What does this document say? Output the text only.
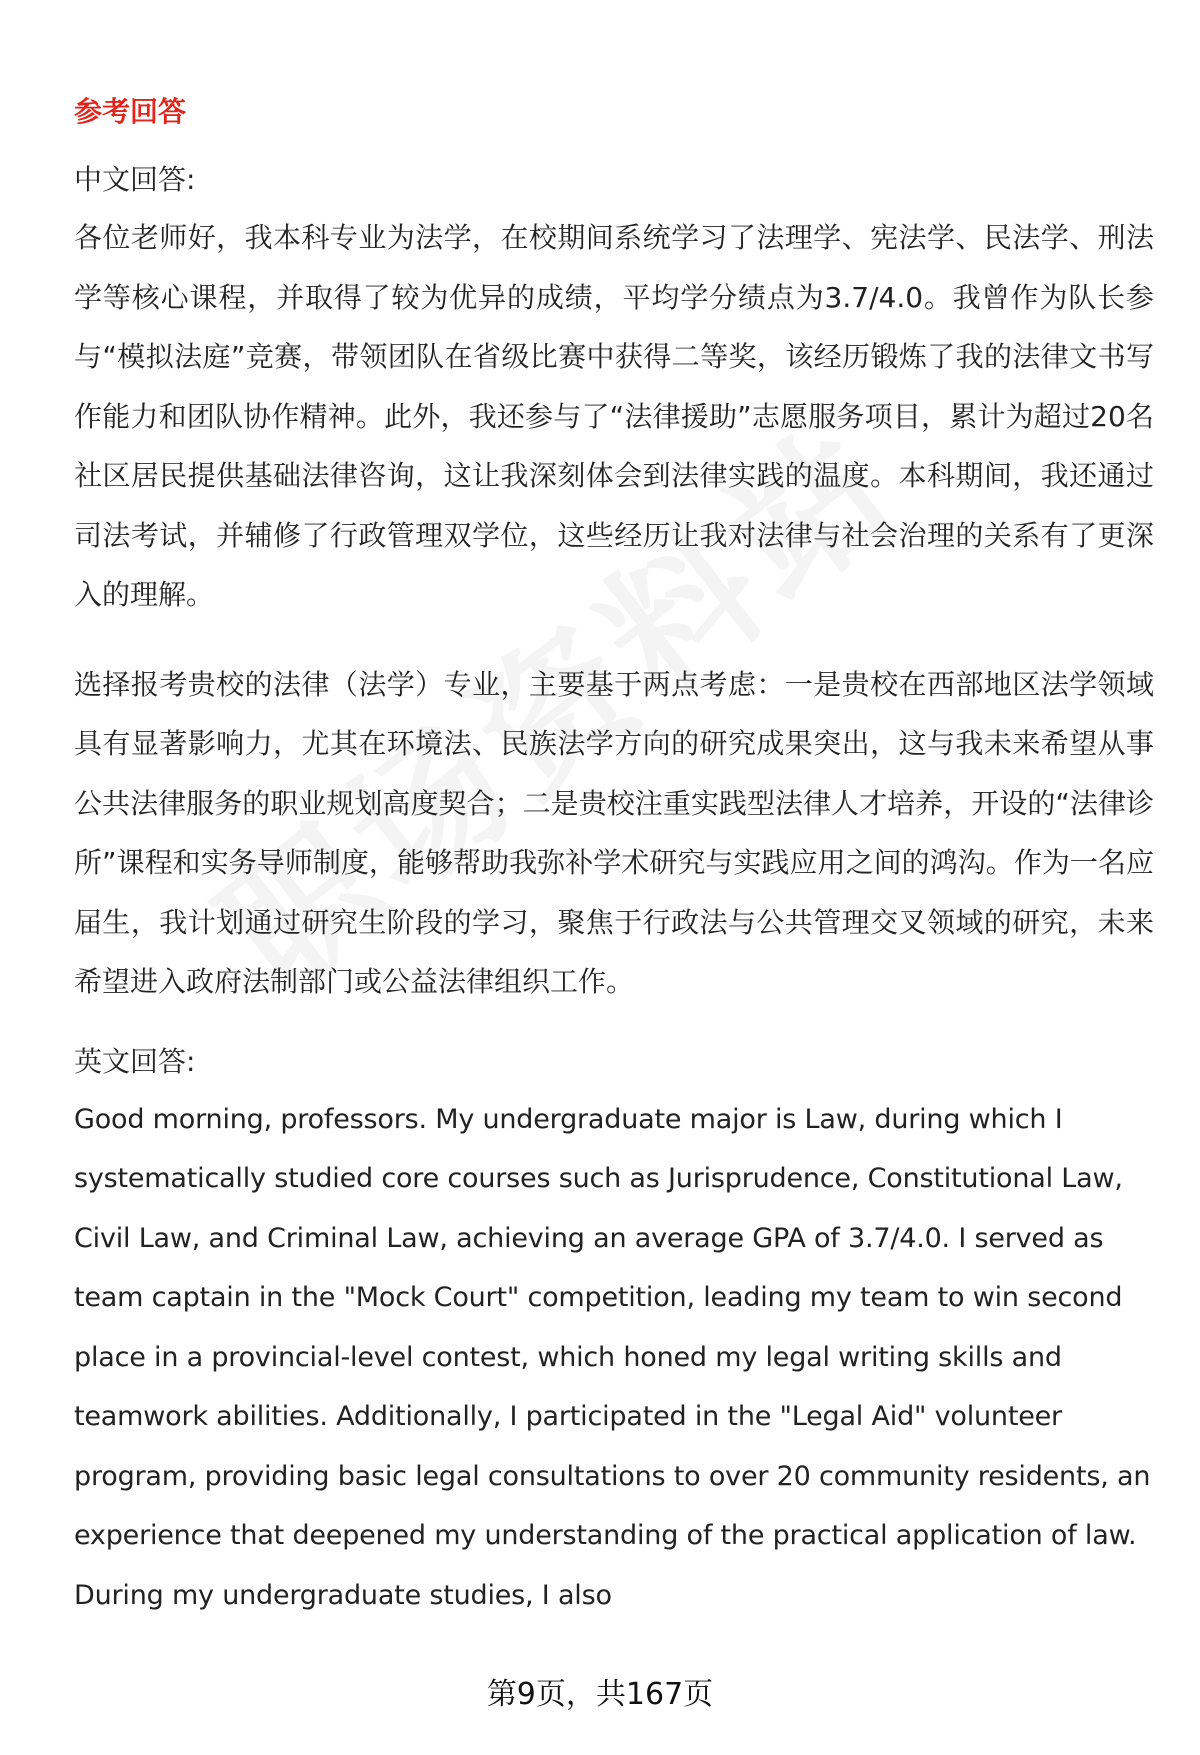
参考回答
中文回答:

各位老师好，我本科专业为法学，在校期间系统学习了法理学、宪法学、民法学、刑法学等核心课程，并取得了较为优异的成绩，平均学分绩点为3.7/4.0。我曾作为队长参与“模拟法庭”竞赛，带领团队在省级比赛中获得二等奖，该经历锻炼了我的法律文书写作能力和团队协作精神。此外，我还参与了“法律援助”志愿服务项目，累计为超过20名社区居民提供基础法律咨询，这让我深刻体会到法律实践的温度。本科期间，我还通过司法考试，并辅修了行政管理双学位，这些经历让我对法律与社会治理的关系有了更深入的理解。

选择报考贵校的法律（法学）专业，主要基于两点考虑：一是贵校在西部地区法学领域具有显著影响力，尤其在环境法、民族法学方向的研究成果突出，这与我未来希望从事公共法律服务的职业规划高度契合；二是贵校注重实践型法律人才培养，开设的“法律诊所”课程和实务导师制度，能够帮助我弥补学术研究与实践应用之间的鸿沟。作为一名应届生，我计划通过研究生阶段的学习，聚焦于行政法与公共管理交叉领域的研究，未来希望进入政府法制部门或公益法律组织工作。

英文回答:

Good morning, professors. My undergraduate major is Law, during which I systematically studied core courses such as Jurisprudence, Constitutional Law, Civil Law, and Criminal Law, achieving an average GPA of 3.7/4.0. I served as team captain in the "Mock Court" competition, leading my team to win second place in a provincial-level contest, which honed my legal writing skills and teamwork abilities. Additionally, I participated in the "Legal Aid" volunteer program, providing basic legal consultations to over 20 community residents, an experience that deepened my understanding of the practical application of law. During my undergraduate studies, I also

第9页，共167页
